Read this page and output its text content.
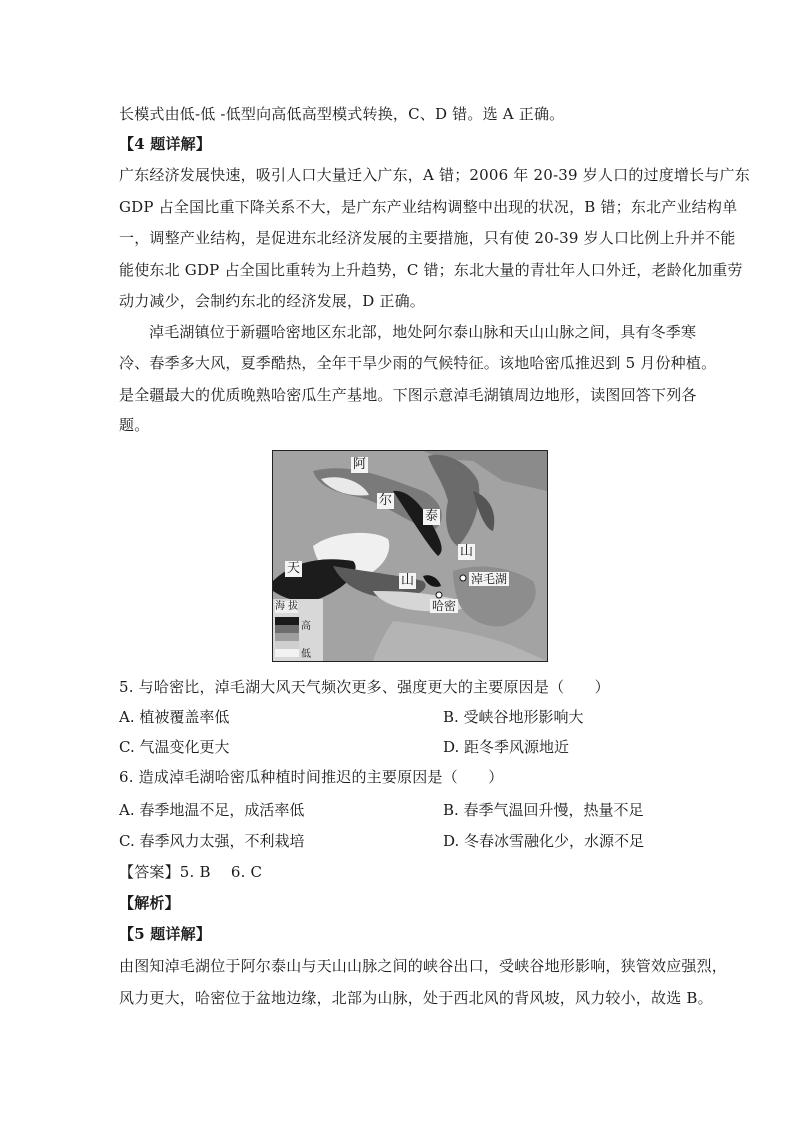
长模式由低-低 -低型向高低高型模式转换，C、D 错。选 A 正确。
【4 题详解】
广东经济发展快速，吸引人口大量迁入广东，A 错；2006 年 20-39 岁人口的过度增长与广东
GDP 占全国比重下降关系不大，是广东产业结构调整中出现的状况，B 错；东北产业结构单
一，调整产业结构，是促进东北经济发展的主要措施，只有使 20-39 岁人口比例上升并不能
能使东北 GDP 占全国比重转为上升趋势，C 错；东北大量的青壮年人口外迁，老龄化加重劳
动力减少，会制约东北的经济发展，D 正确。
淖毛湖镇位于新疆哈密地区东北部，地处阿尔泰山脉和天山山脉之间，具有冬季寒
冷、春季多大风，夏季酷热，全年干旱少雨的气候特征。该地哈密瓜推迟到 5 月份种植。
是全疆最大的优质晚熟哈密瓜生产基地。下图示意淖毛湖镇周边地形，读图回答下列各
题。
阿
尔
泰
山
天
山	淖毛湖
哈密
海 拔
高
低
5. 与哈密比，淖毛湖大风天气频次更多、强度更大的主要原因是（　　）
A. 植被覆盖率低	B. 受峡谷地形影响大
C. 气温变化更大	D. 距冬季风源地近
6. 造成淖毛湖哈密瓜种植时间推迟的主要原因是（　　）
A. 春季地温不足，成活率低	B. 春季气温回升慢，热量不足
C. 春季风力太强，不利栽培	D. 冬春冰雪融化少，水源不足
【答案】5. B　 6. C
【解析】
【5 题详解】
由图知淖毛湖位于阿尔泰山与天山山脉之间的峡谷出口，受峡谷地形影响，狭管效应强烈，
风力更大，哈密位于盆地边缘，北部为山脉，处于西北风的背风坡，风力较小，故选 B。
